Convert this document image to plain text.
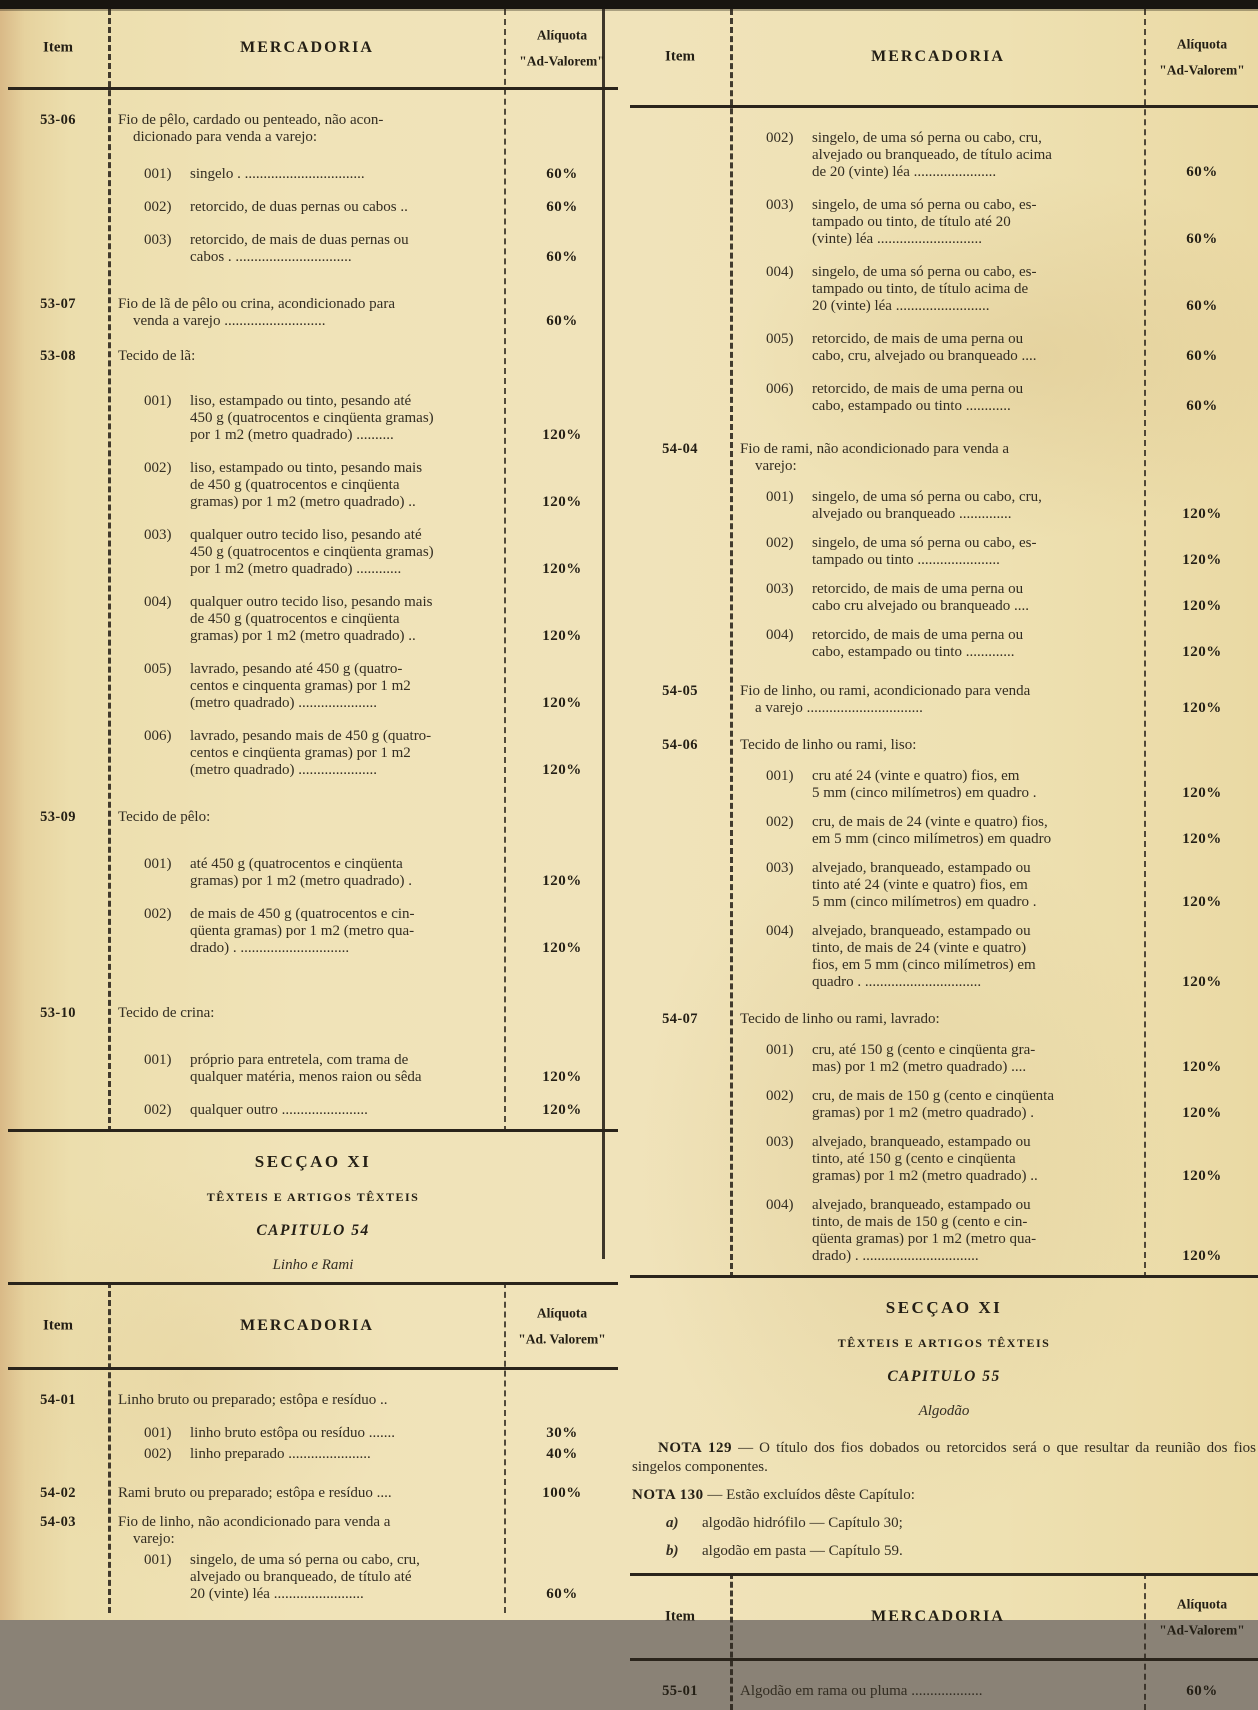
Item	MERCADORIA
Alíquota
"Ad-Valorem"
53-06	Fio de pêlo, cardado ou penteado, não acon-
dicionado para venda a varejo:
001)	singelo . ................................	60%
002)	retorcido, de duas pernas ou cabos ..	60%
003)	retorcido, de mais de duas pernas ou
cabos . ...............................	60%
53-07	Fio de lã de pêlo ou crina, acondicionado para
venda a varejo ...........................	60%
53-08	Tecido de lã:
001)	liso, estampado ou tinto, pesando até
450 g (quatrocentos e cinqüenta gramas)
por 1 m2 (metro quadrado) ..........	120%
002)	liso, estampado ou tinto, pesando mais
de 450 g (quatrocentos e cinqüenta
gramas) por 1 m2 (metro quadrado) ..	120%
003)	qualquer outro tecido liso, pesando até
450 g (quatrocentos e cinqüenta gramas)
por 1 m2 (metro quadrado) ............	120%
004)	qualquer outro tecido liso, pesando mais
de 450 g (quatrocentos e cinqüenta
gramas) por 1 m2 (metro quadrado) ..	120%
005)	lavrado, pesando até 450 g (quatro-
centos e cinquenta gramas) por 1 m2
(metro quadrado) .....................	120%
006)	lavrado, pesando mais de 450 g (quatro-
centos e cinqüenta gramas) por 1 m2
(metro quadrado) .....................	120%
53-09	Tecido de pêlo:
001)	até 450 g (quatrocentos e cinqüenta
gramas) por 1 m2 (metro quadrado) .	120%
002)	de mais de 450 g (quatrocentos e cin-
qüenta gramas) por 1 m2 (metro qua-
drado) . .............................	120%
53-10	Tecido de crina:
001)	próprio para entretela, com trama de
qualquer matéria, menos raion ou sêda	120%
002)	qualquer outro .......................	120%
SECÇAO XI
TÊXTEIS E ARTIGOS TÊXTEIS
CAPITULO 54
Linho e Rami
Item	MERCADORIA
Alíquota
"Ad. Valorem"
54-01	Linho bruto ou preparado; estôpa e resíduo ..
001)	linho bruto estôpa ou resíduo .......	30%
002)	linho preparado ......................	40%
54-02	Rami bruto ou preparado; estôpa e resíduo ....	100%
54-03	Fio de linho, não acondicionado para venda a
varejo:
001)	singelo, de uma só perna ou cabo, cru,
alvejado ou branqueado, de título até
20 (vinte) léa ........................	60%
Item	MERCADORIA
Alíquota
"Ad-Valorem"
002)	singelo, de uma só perna ou cabo, cru,
alvejado ou branqueado, de título acima
de 20 (vinte) léa ......................	60%
003)	singelo, de uma só perna ou cabo, es-
tampado ou tinto, de título até 20
(vinte) léa ............................	60%
004)	singelo, de uma só perna ou cabo, es-
tampado ou tinto, de título acima de
20 (vinte) léa .........................	60%
005)	retorcido, de mais de uma perna ou
cabo, cru, alvejado ou branqueado ....	60%
006)	retorcido, de mais de uma perna ou
cabo, estampado ou tinto ............	60%
54-04	Fio de rami, não acondicionado para venda a
varejo:
001)	singelo, de uma só perna ou cabo, cru,
alvejado ou branqueado ..............	120%
002)	singelo, de uma só perna ou cabo, es-
tampado ou tinto ......................	120%
003)	retorcido, de mais de uma perna ou
cabo cru alvejado ou branqueado ....	120%
004)	retorcido, de mais de uma perna ou
cabo, estampado ou tinto .............	120%
54-05	Fio de linho, ou rami, acondicionado para venda
a varejo ...............................	120%
54-06	Tecido de linho ou rami, liso:
001)	cru até 24 (vinte e quatro) fios, em
5 mm (cinco milímetros) em quadro .	120%
002)	cru, de mais de 24 (vinte e quatro) fios,
em 5 mm (cinco milímetros) em quadro	120%
003)	alvejado, branqueado, estampado ou
tinto até 24 (vinte e quatro) fios, em
5 mm (cinco milímetros) em quadro .	120%
004)	alvejado, branqueado, estampado ou
tinto, de mais de 24 (vinte e quatro)
fios, em 5 mm (cinco milímetros) em
quadro . ...............................	120%
54-07	Tecido de linho ou rami, lavrado:
001)	cru, até 150 g (cento e cinqüenta gra-
mas) por 1 m2 (metro quadrado) ....	120%
002)	cru, de mais de 150 g (cento e cinqüenta
gramas) por 1 m2 (metro quadrado) .	120%
003)	alvejado, branqueado, estampado ou
tinto, até 150 g (cento e cinqüenta
gramas) por 1 m2 (metro quadrado) ..	120%
004)	alvejado, branqueado, estampado ou
tinto, de mais de 150 g (cento e cin-
qüenta gramas) por 1 m2 (metro qua-
drado) . ...............................	120%
SECÇAO XI
TÊXTEIS E ARTIGOS TÊXTEIS
CAPITULO 55
Algodão
NOTA 129 — O título dos fios dobados ou retorcidos será o que resultar da reunião dos fios singelos componentes.
NOTA 130 — Estão excluídos dêste Capítulo:
a)	algodão hidrófilo — Capítulo 30;
b)	algodão em pasta — Capítulo 59.
Item	MERCADORIA
Alíquota
"Ad-Valorem"
55-01	Algodão em rama ou pluma ...................	60%
